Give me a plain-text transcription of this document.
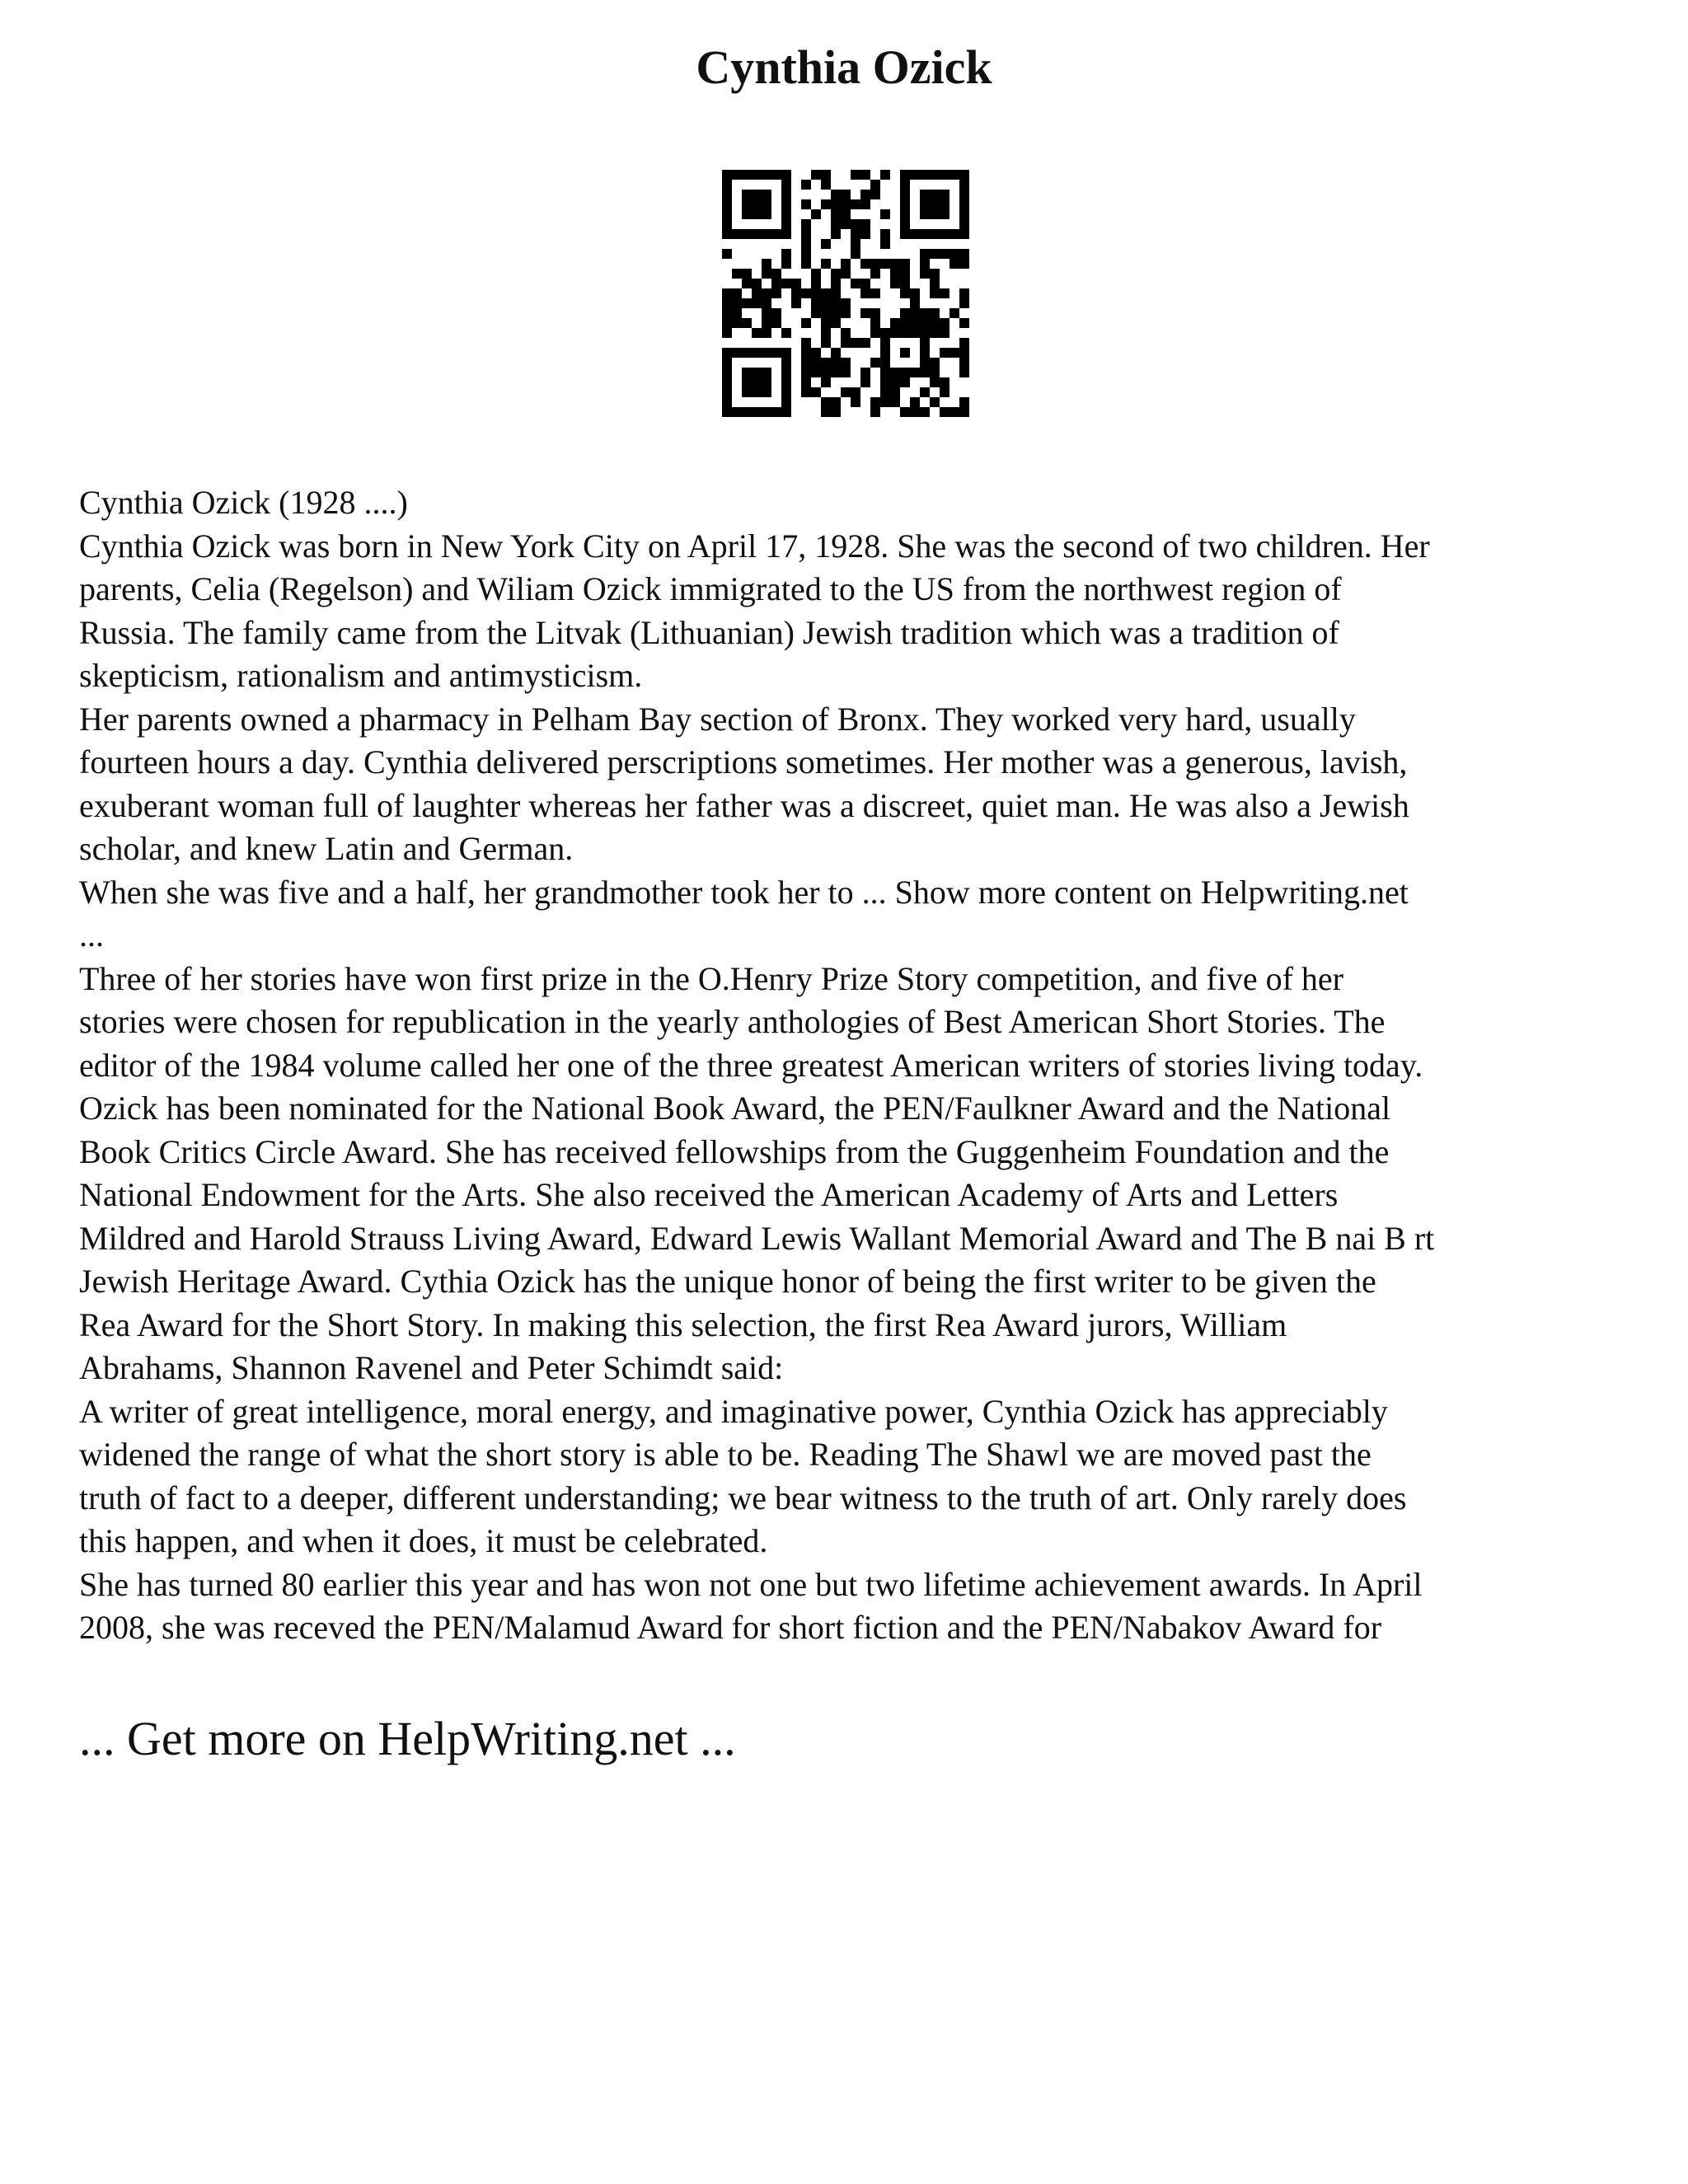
Cynthia Ozick
Cynthia Ozick (1928 ....)
Cynthia Ozick was born in New York City on April 17, 1928. She was the second of two children. Her
parents, Celia (Regelson) and Wiliam Ozick immigrated to the US from the northwest region of
Russia. The family came from the Litvak (Lithuanian) Jewish tradition which was a tradition of
skepticism, rationalism and antimysticism.
Her parents owned a pharmacy in Pelham Bay section of Bronx. They worked very hard, usually
fourteen hours a day. Cynthia delivered perscriptions sometimes. Her mother was a generous, lavish,
exuberant woman full of laughter whereas her father was a discreet, quiet man. He was also a Jewish
scholar, and knew Latin and German.
When she was five and a half, her grandmother took her to ... Show more content on Helpwriting.net
...
Three of her stories have won first prize in the O.Henry Prize Story competition, and five of her
stories were chosen for republication in the yearly anthologies of Best American Short Stories. The
editor of the 1984 volume called her one of the three greatest American writers of stories living today.
Ozick has been nominated for the National Book Award, the PEN/Faulkner Award and the National
Book Critics Circle Award. She has received fellowships from the Guggenheim Foundation and the
National Endowment for the Arts. She also received the American Academy of Arts and Letters
Mildred and Harold Strauss Living Award, Edward Lewis Wallant Memorial Award and The B nai B rt
Jewish Heritage Award. Cythia Ozick has the unique honor of being the first writer to be given the
Rea Award for the Short Story. In making this selection, the first Rea Award jurors, William
Abrahams, Shannon Ravenel and Peter Schimdt said:
A writer of great intelligence, moral energy, and imaginative power, Cynthia Ozick has appreciably
widened the range of what the short story is able to be. Reading The Shawl we are moved past the
truth of fact to a deeper, different understanding; we bear witness to the truth of art. Only rarely does
this happen, and when it does, it must be celebrated.
She has turned 80 earlier this year and has won not one but two lifetime achievement awards. In April
2008, she was receved the PEN/Malamud Award for short fiction and the PEN/Nabakov Award for
... Get more on HelpWriting.net ...
